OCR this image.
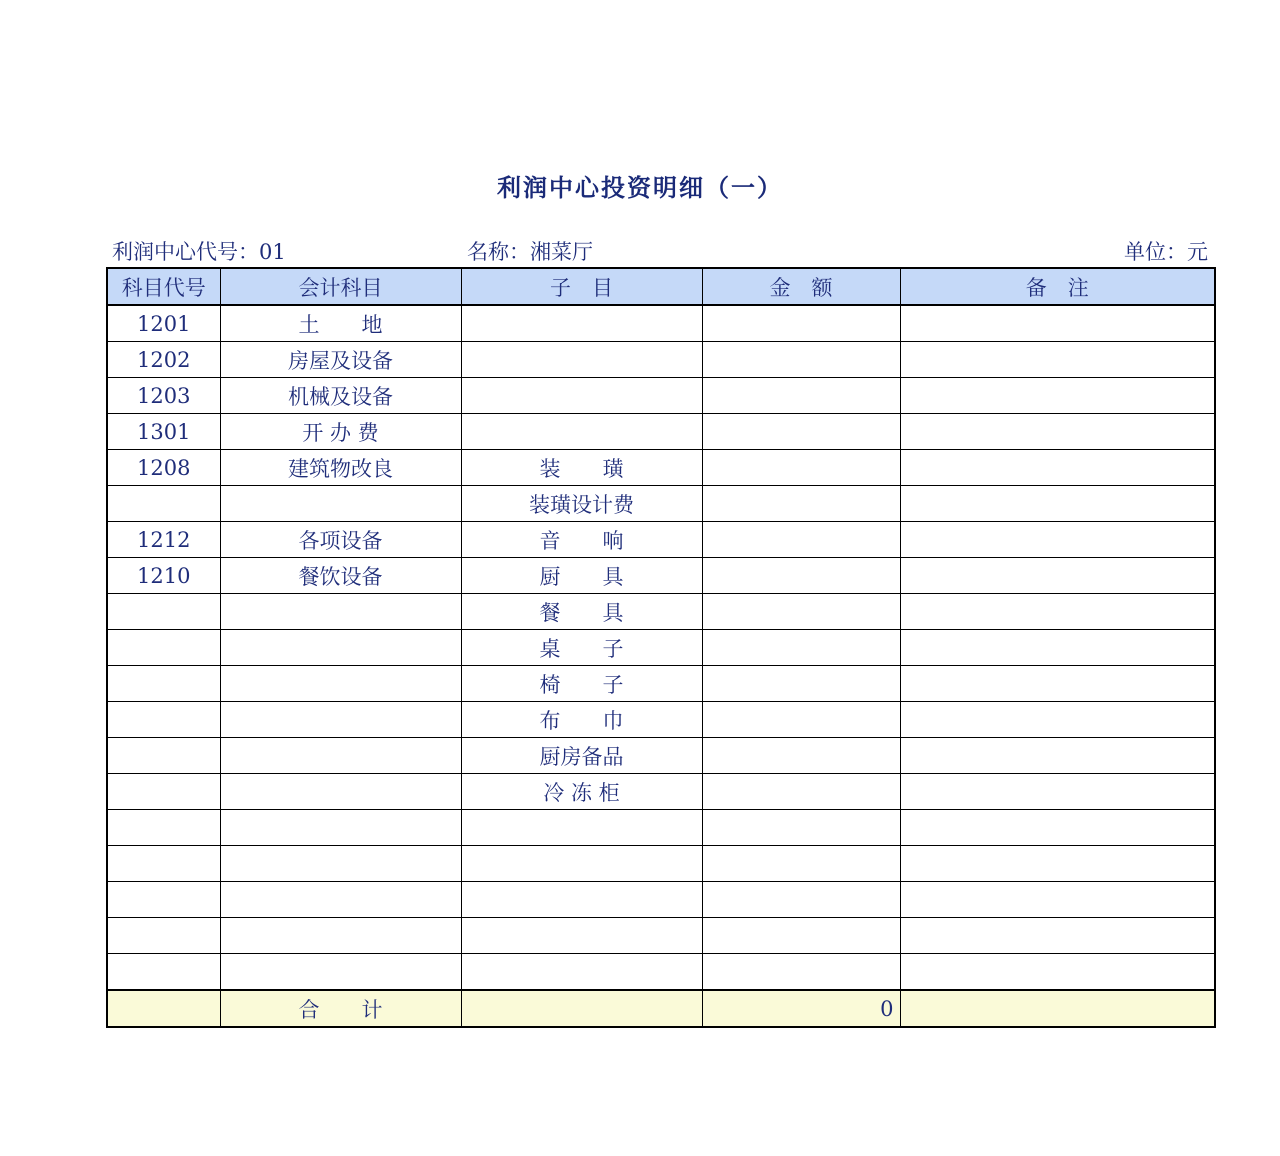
利润中心投资明细（一）
利润中心代号：01	名称：湘菜厅	单位：元
科目代号	会计科目	子　目	金　额	备　注
1201	土　　地			
1202	房屋及设备			
1203	机械及设备			
1301	开 办 费			
1208	建筑物改良	装　　璜		
		装璜设计费		
1212	各项设备	音　　响		
1210	餐饮设备	厨　　具		
		餐　　具		
		桌　　子		
		椅　　子		
		布　　巾		
		厨房备品		
		冷 冻 柜		

	合　　计		0	
